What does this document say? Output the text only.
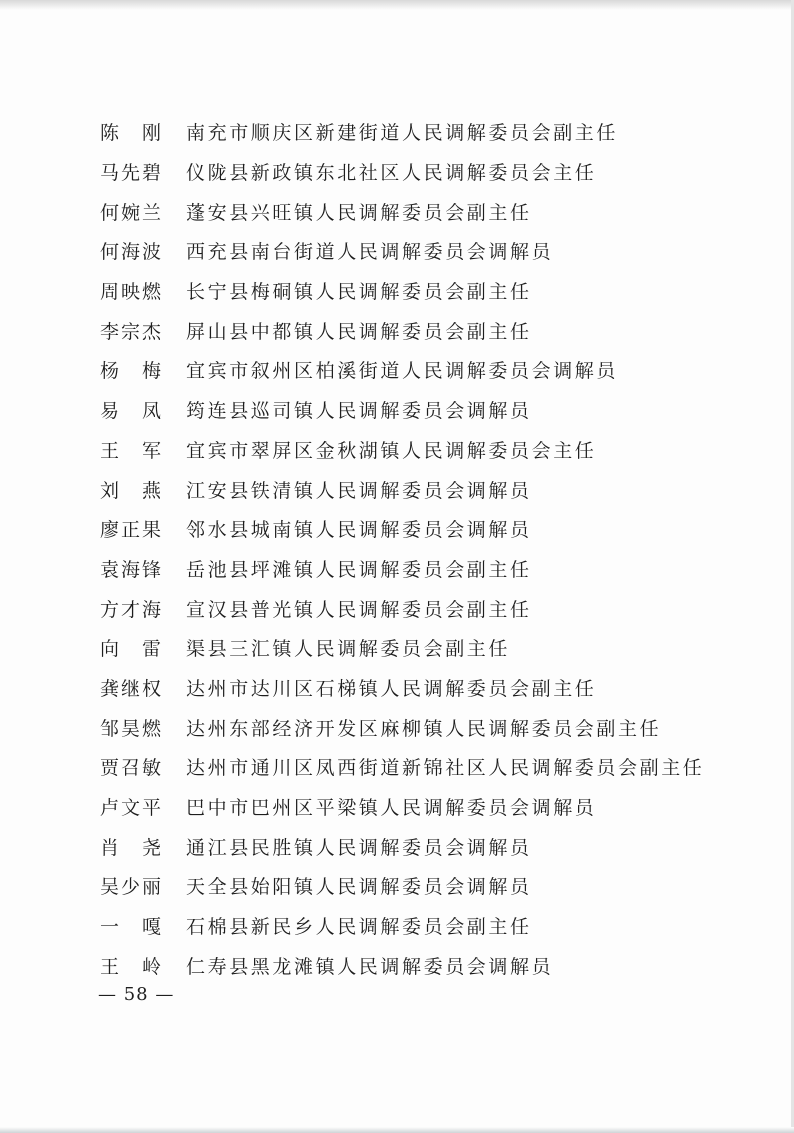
陈　刚	南充市顺庆区新建街道人民调解委员会副主任
马先碧	仪陇县新政镇东北社区人民调解委员会主任
何婉兰	蓬安县兴旺镇人民调解委员会副主任
何海波	西充县南台街道人民调解委员会调解员
周映燃	长宁县梅硐镇人民调解委员会副主任
李宗杰	屏山县中都镇人民调解委员会副主任
杨　梅	宜宾市叙州区柏溪街道人民调解委员会调解员
易　凤	筠连县巡司镇人民调解委员会调解员
王　军	宜宾市翠屏区金秋湖镇人民调解委员会主任
刘　燕	江安县铁清镇人民调解委员会调解员
廖正果	邻水县城南镇人民调解委员会调解员
袁海锋	岳池县坪滩镇人民调解委员会副主任
方才海	宣汉县普光镇人民调解委员会副主任
向　雷	渠县三汇镇人民调解委员会副主任
龚继权	达州市达川区石梯镇人民调解委员会副主任
邹昊燃	达州东部经济开发区麻柳镇人民调解委员会副主任
贾召敏	达州市通川区凤西街道新锦社区人民调解委员会副主任
卢文平	巴中市巴州区平梁镇人民调解委员会调解员
肖　尧	通江县民胜镇人民调解委员会调解员
吴少丽	天全县始阳镇人民调解委员会调解员
一　嘎	石棉县新民乡人民调解委员会副主任
王　岭	仁寿县黑龙滩镇人民调解委员会调解员
— 58 —
